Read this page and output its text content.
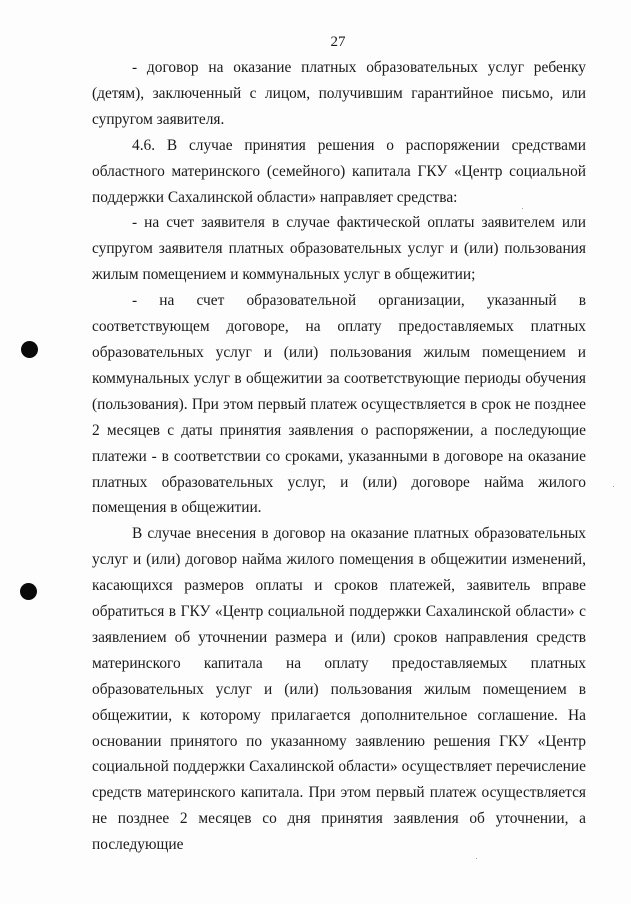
27

- договор на оказание платных образовательных услуг ребенку (детям), заключенный с лицом, получившим гарантийное письмо, или супругом заявителя.

4.6. В случае принятия решения о распоряжении средствами областного материнского (семейного) капитала ГКУ «Центр социальной поддержки Сахалинской области» направляет средства:

- на счет заявителя в случае фактической оплаты заявителем или супругом заявителя платных образовательных услуг и (или) пользования жилым помещением и коммунальных услуг в общежитии;

- на счет образовательной организации, указанный в соответствующем договоре, на оплату предоставляемых платных образовательных услуг и (или) пользования жилым помещением и коммунальных услуг в общежитии за соответствующие периоды обучения (пользования). При этом первый платеж осуществляется в срок не позднее 2 месяцев с даты принятия заявления о распоряжении, а последующие платежи - в соответствии со сроками, указанными в договоре на оказание платных образовательных услуг, и (или) договоре найма жилого помещения в общежитии.

В случае внесения в договор на оказание платных образовательных услуг и (или) договор найма жилого помещения в общежитии изменений, касающихся размеров оплаты и сроков платежей, заявитель вправе обратиться в ГКУ «Центр социальной поддержки Сахалинской области» с заявлением об уточнении размера и (или) сроков направления средств материнского капитала на оплату предоставляемых платных образовательных услуг и (или) пользования жилым помещением в общежитии, к которому прилагается дополнительное соглашение. На основании принятого по указанному заявлению решения ГКУ «Центр социальной поддержки Сахалинской области» осуществляет перечисление средств материнского капитала. При этом первый платеж осуществляется не позднее 2 месяцев со дня принятия заявления об уточнении, а последующие
